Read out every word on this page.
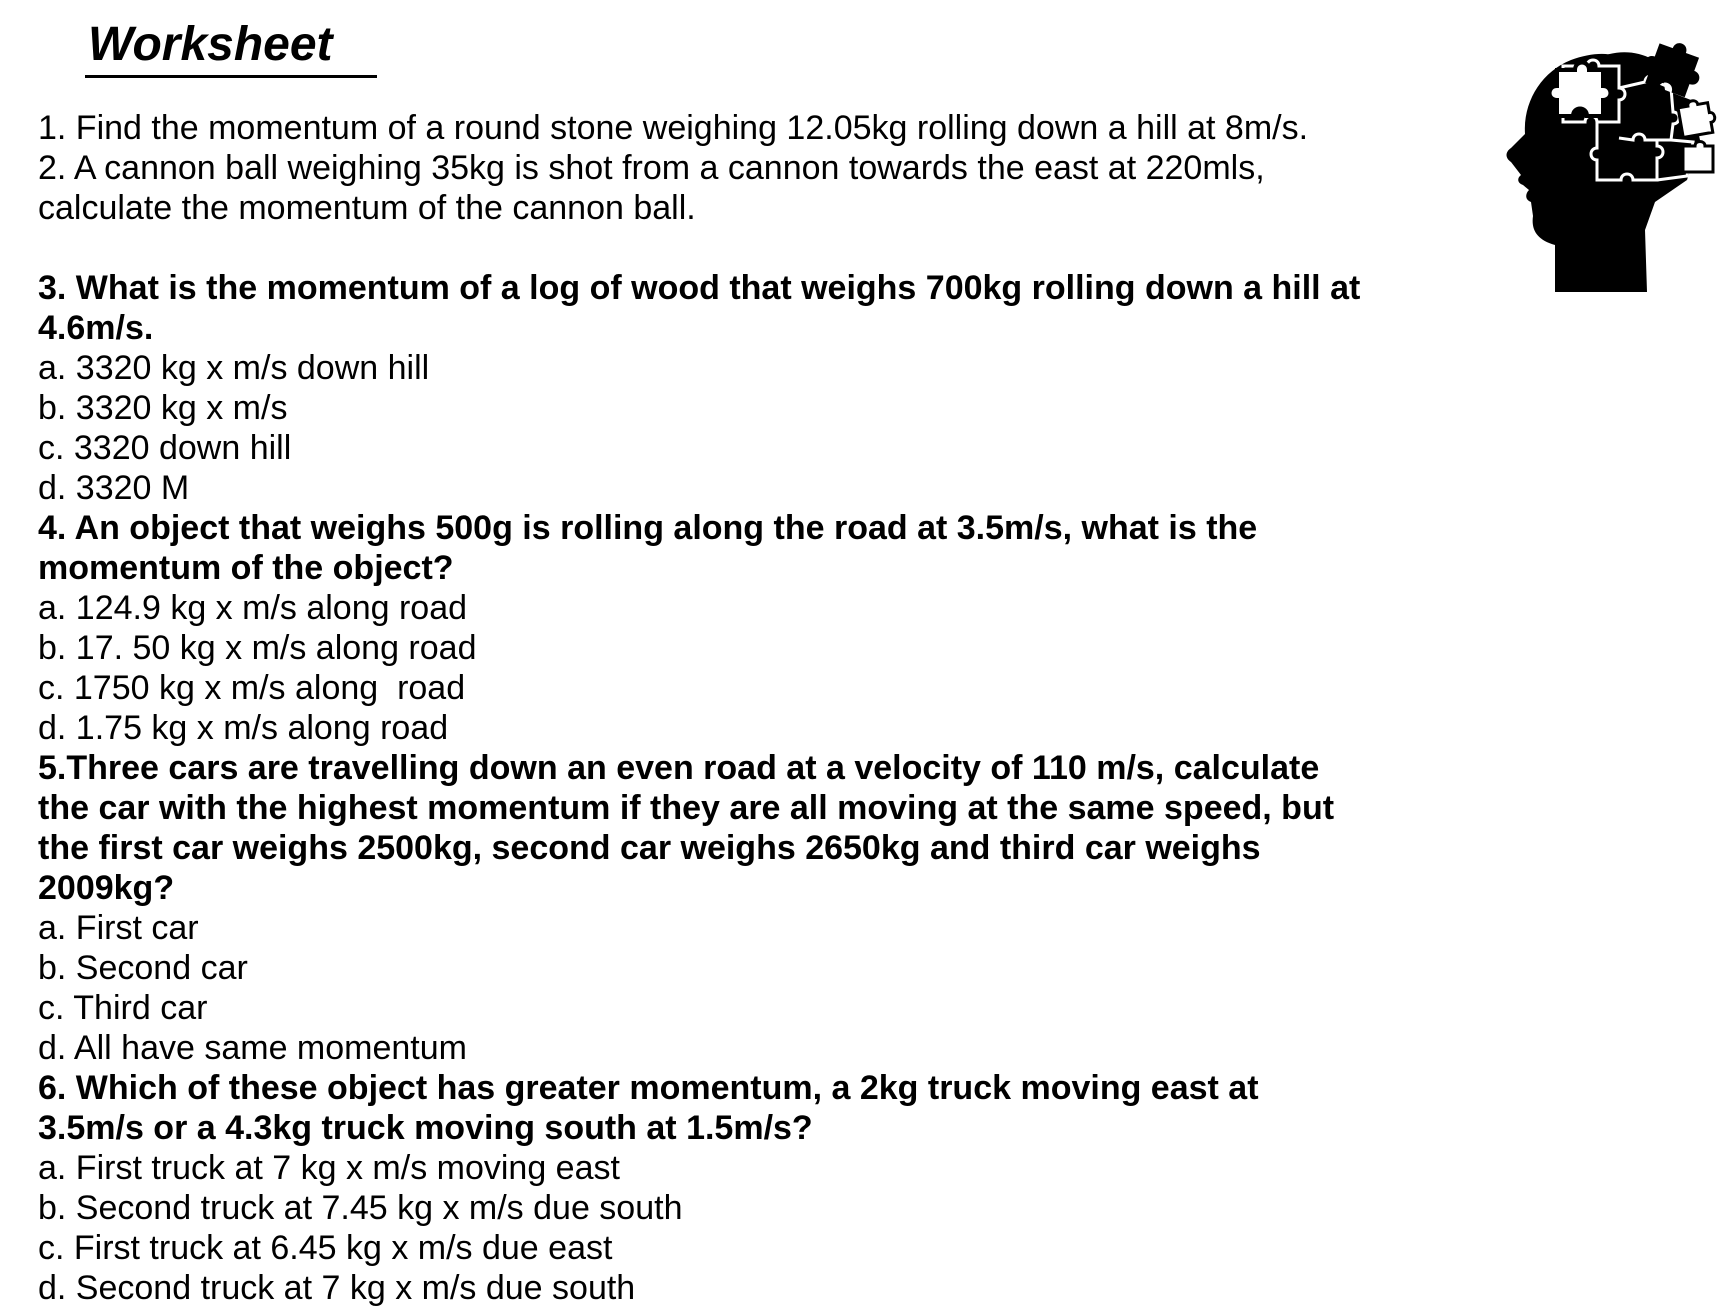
Worksheet
1. Find the momentum of a round stone weighing 12.05kg rolling down a hill at 8m/s.
2. A cannon ball weighing 35kg is shot from a cannon towards the east at 220mls,
calculate the momentum of the cannon ball.
3. What is the momentum of a log of wood that weighs 700kg rolling down a hill at
4.6m/s.
a. 3320 kg x m/s down hill
b. 3320 kg x m/s
c. 3320 down hill
d. 3320 M
4. An object that weighs 500g is rolling along the road at 3.5m/s, what is the
momentum of the object?
a. 124.9 kg x m/s along road
b. 17. 50 kg x m/s along road
c. 1750 kg x m/s along  road
d. 1.75 kg x m/s along road
5.Three cars are travelling down an even road at a velocity of 110 m/s, calculate
the car with the highest momentum if they are all moving at the same speed, but
the first car weighs 2500kg, second car weighs 2650kg and third car weighs
2009kg?
a. First car
b. Second car
c. Third car
d. All have same momentum
6. Which of these object has greater momentum, a 2kg truck moving east at
3.5m/s or a 4.3kg truck moving south at 1.5m/s?
a. First truck at 7 kg x m/s moving east
b. Second truck at 7.45 kg x m/s due south
c. First truck at 6.45 kg x m/s due east
d. Second truck at 7 kg x m/s due south
